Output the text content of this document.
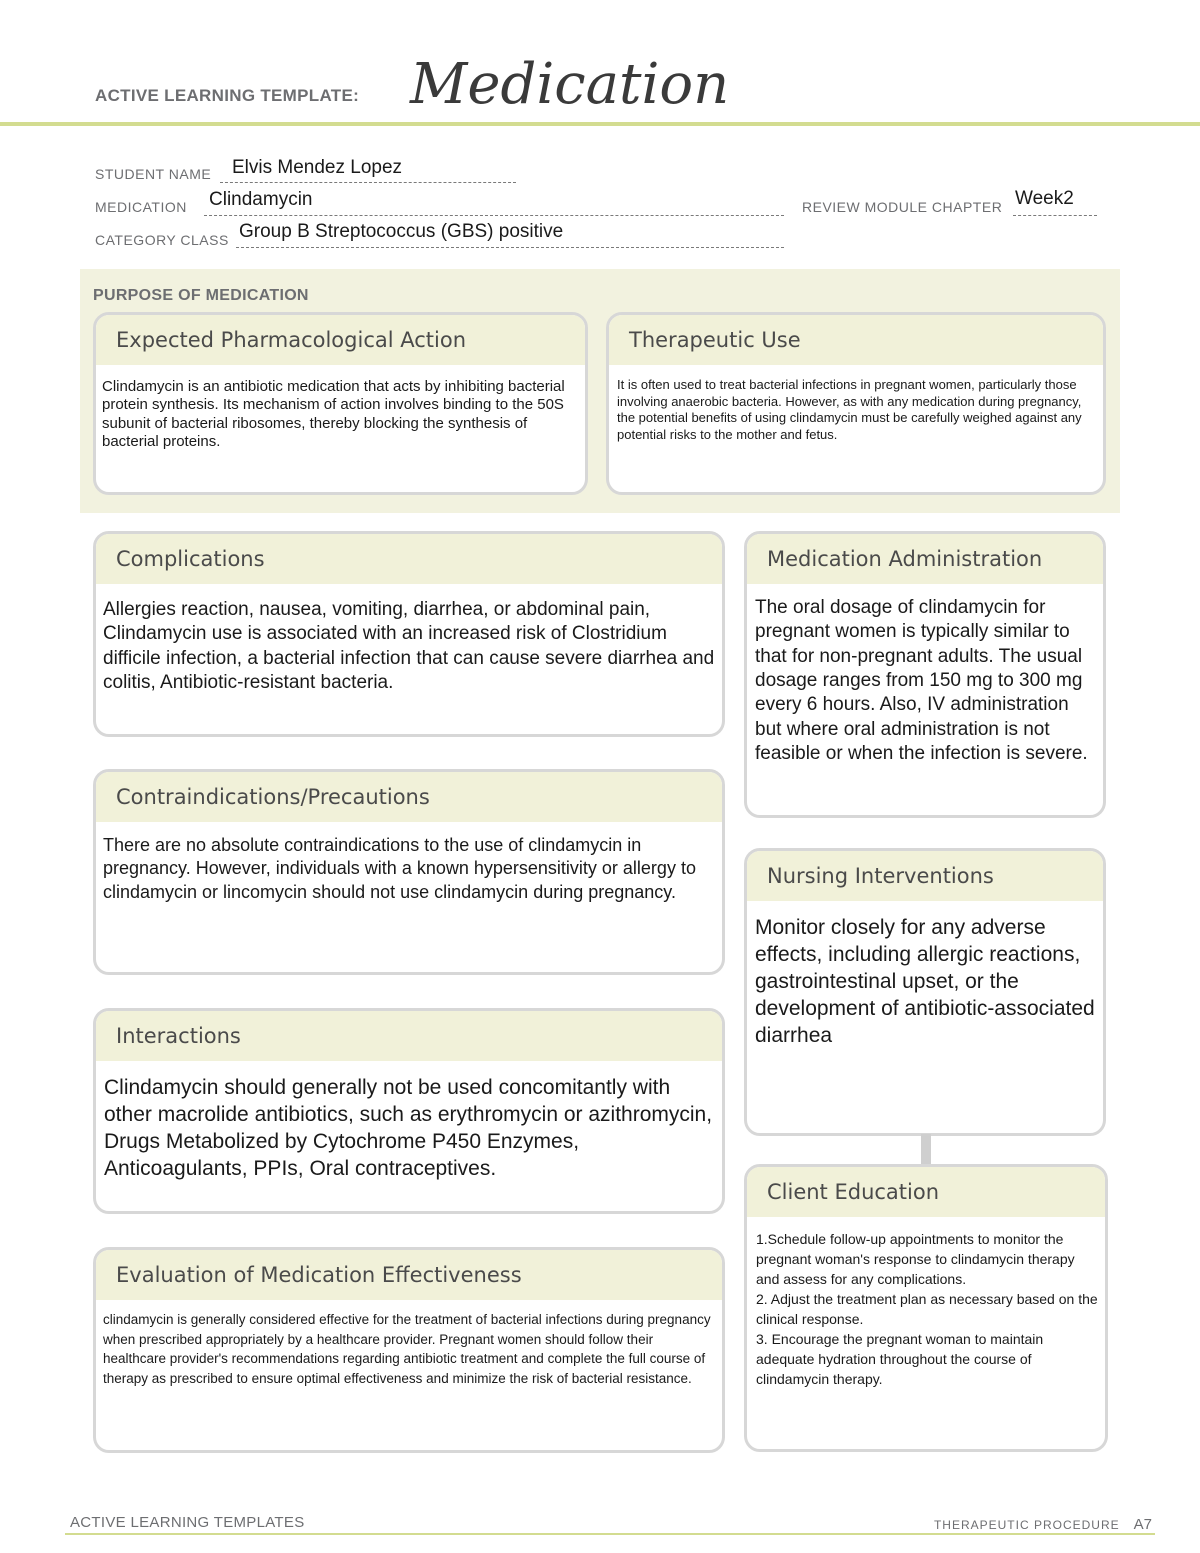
ACTIVE LEARNING TEMPLATE: Medication
STUDENT NAME Elvis Mendez Lopez
MEDICATION Clindamycin	REVIEW MODULE CHAPTER Week2
CATEGORY CLASS Group B Streptococcus (GBS) positive
PURPOSE OF MEDICATION
Expected Pharmacological Action
Clindamycin is an antibiotic medication that acts by inhibiting bacterial protein synthesis. Its mechanism of action involves binding to the 50S subunit of bacterial ribosomes, thereby blocking the synthesis of bacterial proteins.
Therapeutic Use
It is often used to treat bacterial infections in pregnant women, particularly those involving anaerobic bacteria. However, as with any medication during pregnancy, the potential benefits of using clindamycin must be carefully weighed against any potential risks to the mother and fetus.
Complications
Allergies reaction, nausea, vomiting, diarrhea, or abdominal pain, Clindamycin use is associated with an increased risk of Clostridium difficile infection, a bacterial infection that can cause severe diarrhea and colitis, Antibiotic-resistant bacteria.
Medication Administration
The oral dosage of clindamycin for pregnant women is typically similar to that for non-pregnant adults. The usual dosage ranges from 150 mg to 300 mg every 6 hours. Also, IV administration but where oral administration is not feasible or when the infection is severe.
Contraindications/Precautions
There are no absolute contraindications to the use of clindamycin in pregnancy. However, individuals with a known hypersensitivity or allergy to clindamycin or lincomycin should not use clindamycin during pregnancy.
Nursing Interventions
Monitor closely for any adverse effects, including allergic reactions, gastrointestinal upset, or the development of antibiotic-associated diarrhea
Interactions
Clindamycin should generally not be used concomitantly with other macrolide antibiotics, such as erythromycin or azithromycin, Drugs Metabolized by Cytochrome P450 Enzymes, Anticoagulants, PPIs, Oral contraceptives.
Client Education
1.Schedule follow-up appointments to monitor the pregnant woman's response to clindamycin therapy and assess for any complications.
2. Adjust the treatment plan as necessary based on the clinical response.
3. Encourage the pregnant woman to maintain adequate hydration throughout the course of clindamycin therapy.
Evaluation of Medication Effectiveness
clindamycin is generally considered effective for the treatment of bacterial infections during pregnancy when prescribed appropriately by a healthcare provider. Pregnant women should follow their healthcare provider's recommendations regarding antibiotic treatment and complete the full course of therapy as prescribed to ensure optimal effectiveness and minimize the risk of bacterial resistance.
ACTIVE LEARNING TEMPLATES	THERAPEUTIC PROCEDURE A7
